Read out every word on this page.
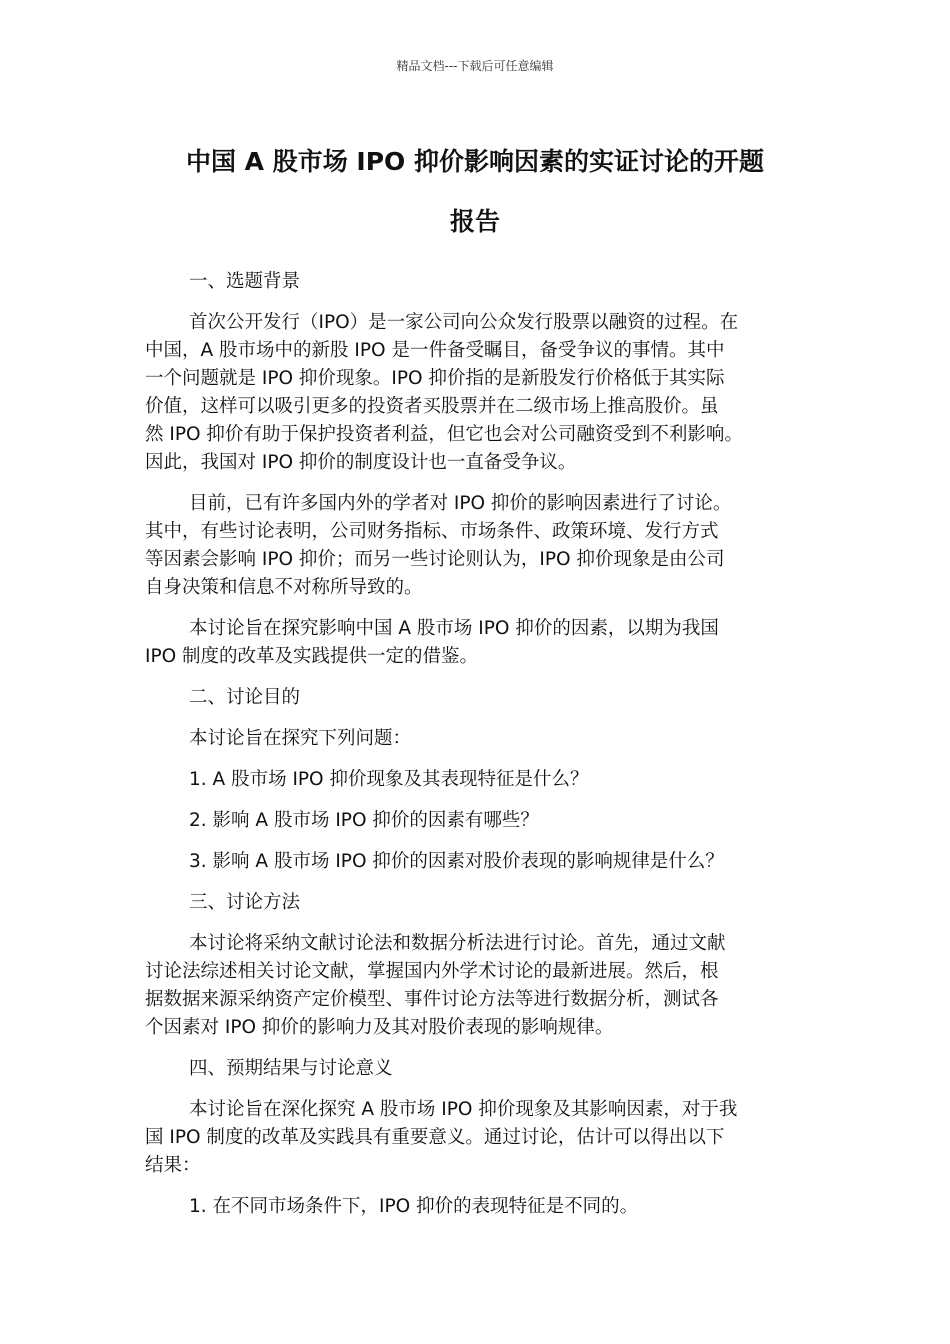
精品文档---下载后可任意编辑
中国 A 股市场 IPO 抑价影响因素的实证讨论的开题
报告

一、选题背景

首次公开发行（IPO）是一家公司向公众发行股票以融资的过程。在
中国，A 股市场中的新股 IPO 是一件备受瞩目，备受争议的事情。其中
一个问题就是 IPO 抑价现象。IPO 抑价指的是新股发行价格低于其实际
价值，这样可以吸引更多的投资者买股票并在二级市场上推高股价。虽
然 IPO 抑价有助于保护投资者利益，但它也会对公司融资受到不利影响。
因此，我国对 IPO 抑价的制度设计也一直备受争议。

目前，已有许多国内外的学者对 IPO 抑价的影响因素进行了讨论。
其中，有些讨论表明，公司财务指标、市场条件、政策环境、发行方式
等因素会影响 IPO 抑价；而另一些讨论则认为，IPO 抑价现象是由公司
自身决策和信息不对称所导致的。

本讨论旨在探究影响中国 A 股市场 IPO 抑价的因素，以期为我国
IPO 制度的改革及实践提供一定的借鉴。

二、讨论目的

本讨论旨在探究下列问题：

1. A 股市场 IPO 抑价现象及其表现特征是什么？

2. 影响 A 股市场 IPO 抑价的因素有哪些？

3. 影响 A 股市场 IPO 抑价的因素对股价表现的影响规律是什么？

三、讨论方法

本讨论将采纳文献讨论法和数据分析法进行讨论。首先，通过文献
讨论法综述相关讨论文献，掌握国内外学术讨论的最新进展。然后，根
据数据来源采纳资产定价模型、事件讨论方法等进行数据分析，测试各
个因素对 IPO 抑价的影响力及其对股价表现的影响规律。

四、预期结果与讨论意义

本讨论旨在深化探究 A 股市场 IPO 抑价现象及其影响因素，对于我
国 IPO 制度的改革及实践具有重要意义。通过讨论，估计可以得出以下
结果：

1. 在不同市场条件下，IPO 抑价的表现特征是不同的。
